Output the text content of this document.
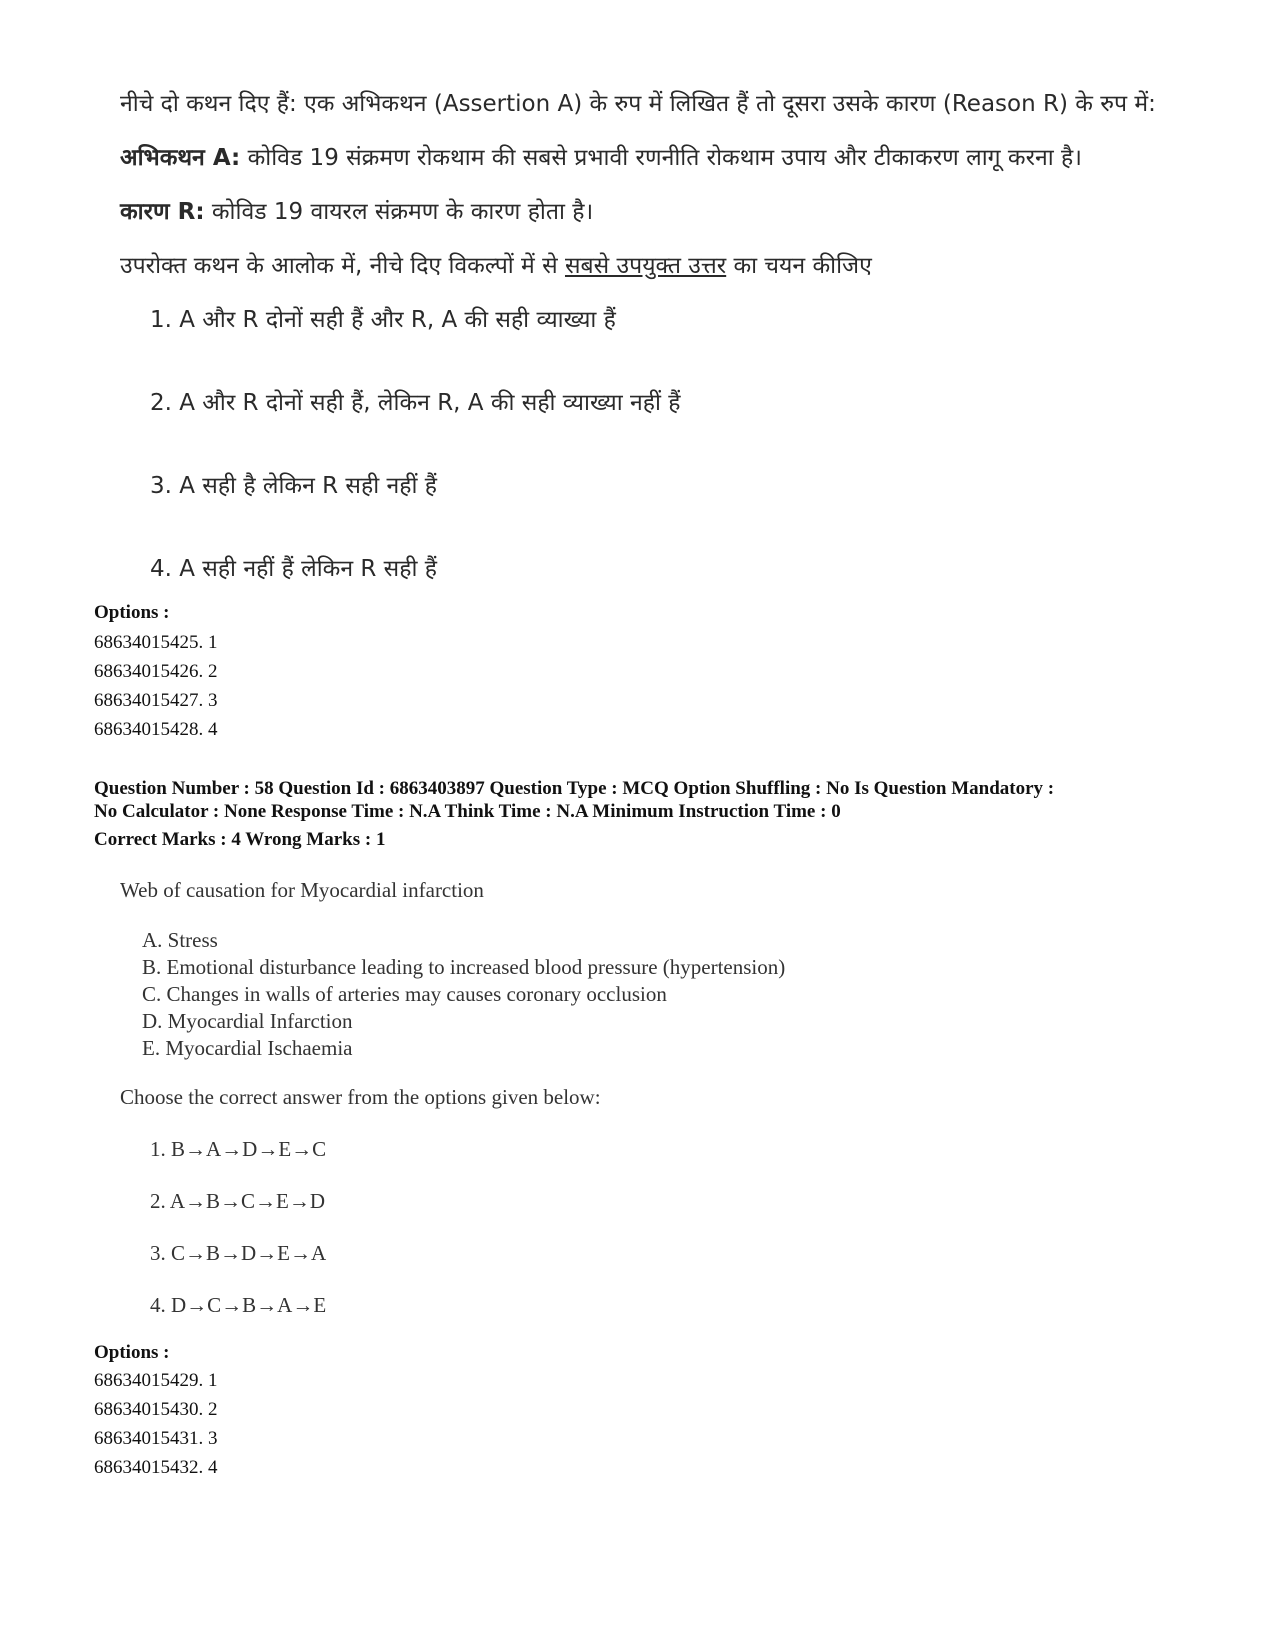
नीचे दो कथन दिए हैं: एक अभिकथन (Assertion A) के रुप में लिखित हैं तो दूसरा उसके कारण (Reason R) के रुप में:
अभिकथन A: कोविड 19 संक्रमण रोकथाम की सबसे प्रभावी रणनीति रोकथाम उपाय और टीकाकरण लागू करना है।
कारण R: कोविड 19 वायरल संक्रमण के कारण होता है।
उपरोक्त कथन के आलोक में, नीचे दिए विकल्पों में से सबसे उपयुक्त उत्तर का चयन कीजिए
1. A और R दोनों सही हैं और R, A की सही व्याख्या हैं
2. A और R दोनों सही हैं, लेकिन R, A की सही व्याख्या नहीं हैं
3. A सही है लेकिन R सही नहीं हैं
4. A सही नहीं हैं लेकिन R सही हैं
Options :
68634015425. 1
68634015426. 2
68634015427. 3
68634015428. 4
Question Number : 58 Question Id : 6863403897 Question Type : MCQ Option Shuffling : No Is Question Mandatory :
No Calculator : None Response Time : N.A Think Time : N.A Minimum Instruction Time : 0
Correct Marks : 4 Wrong Marks : 1
Web of causation for Myocardial infarction
A. Stress
B. Emotional disturbance leading to increased blood pressure (hypertension)
C. Changes in walls of arteries may causes coronary occlusion
D. Myocardial Infarction
E. Myocardial Ischaemia
Choose the correct answer from the options given below:
1. B→A→D→E→C
2. A→B→C→E→D
3. C→B→D→E→A
4. D→C→B→A→E
Options :
68634015429. 1
68634015430. 2
68634015431. 3
68634015432. 4
